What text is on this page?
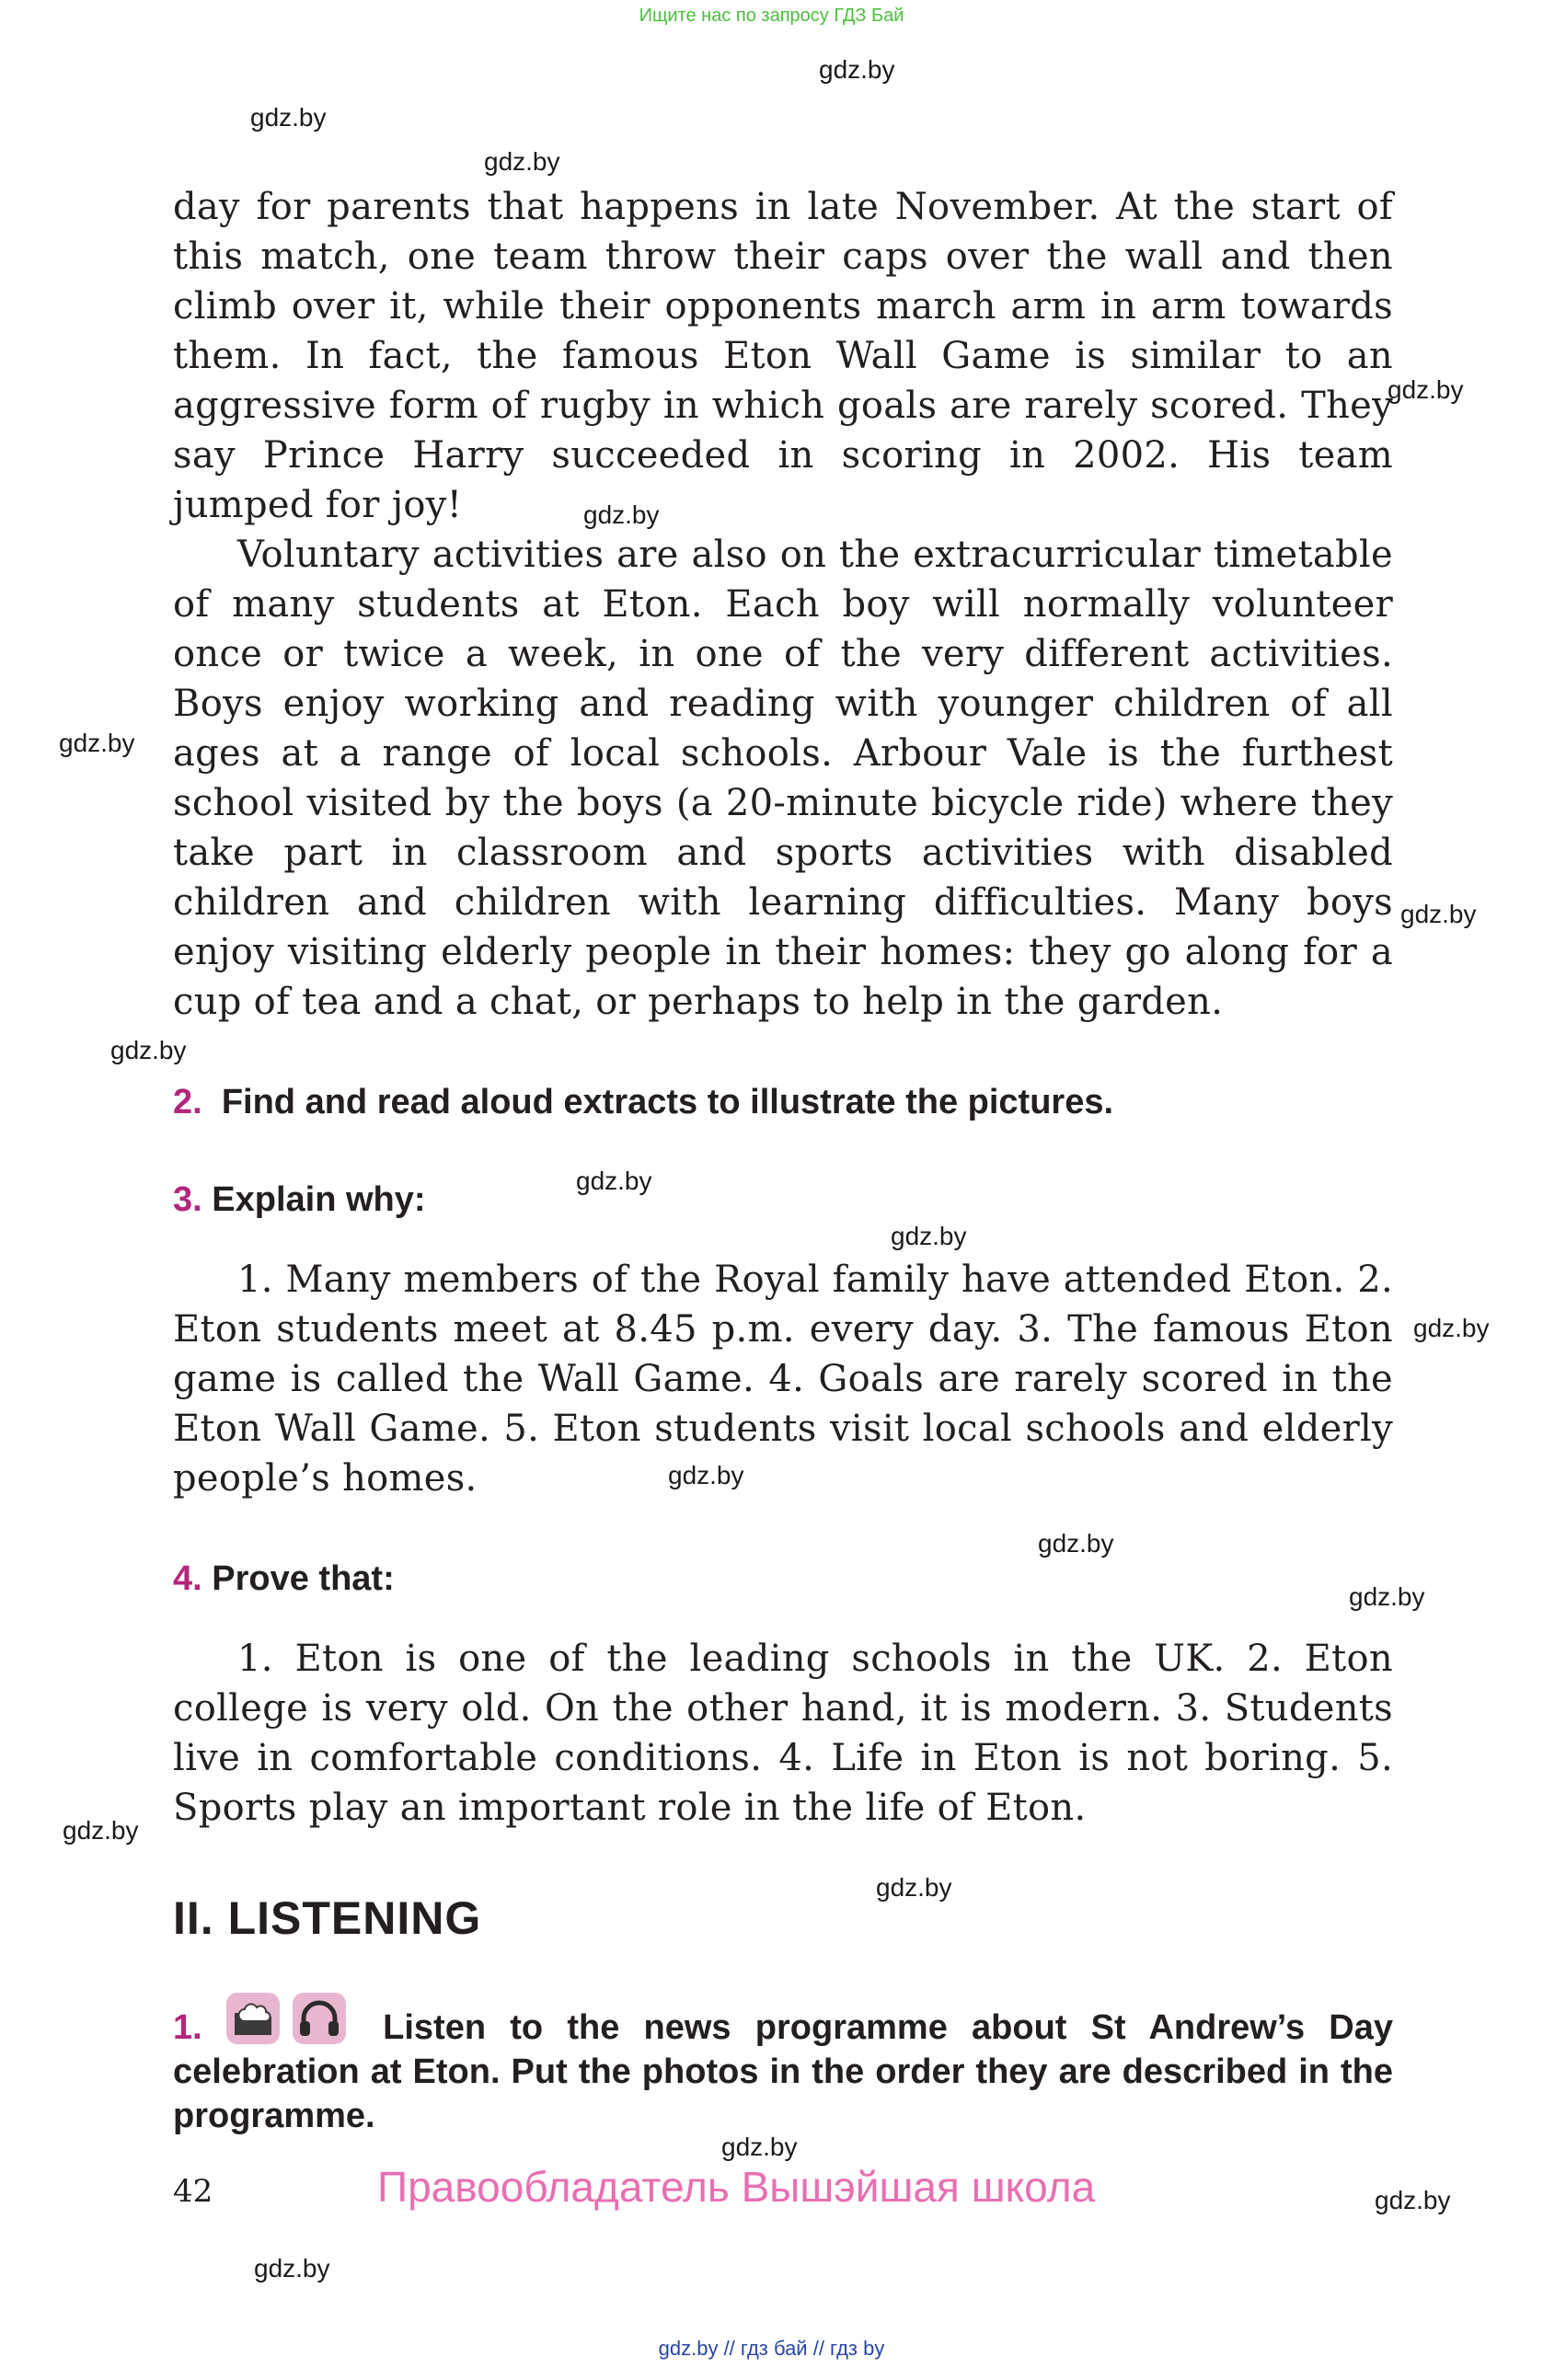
Ищите нас по запросу ГДЗ Бай
gdz.by
gdz.by
gdz.by
gdz.by
gdz.by
gdz.by
gdz.by
gdz.by
gdz.by
gdz.by
gdz.by
gdz.by
gdz.by
gdz.by
gdz.by
gdz.by
gdz.by
gdz.by
gdz.by
day for parents that happens in late November. At the start of this match, one team throw their caps over the wall and then climb over it, while their opponents march arm in arm towards them. In fact, the famous Eton Wall Game is similar to an aggressive form of rugby in which goals are rarely scored. They say Prince Harry succeeded in scoring in 2002. His team jumped for joy!
Voluntary activities are also on the extracurricular timetable of many students at Eton. Each boy will normally volunteer once or twice a week, in one of the very different activities. Boys enjoy working and reading with younger children of all ages at a range of local schools. Arbour Vale is the furthest school visited by the boys (a 20-minute bicycle ride) where they take part in classroom and sports activities with disabled children and children with learning difficulties. Many boys enjoy visiting elderly people in their homes: they go along for a cup of tea and a chat, or perhaps to help in the garden.
2. Find and read aloud extracts to illustrate the pictures.
3. Explain why:
1. Many members of the Royal family have attended Eton. 2. Eton students meet at 8.45 p.m. every day. 3. The famous Eton game is called the Wall Game. 4. Goals are rarely scored in the Eton Wall Game. 5. Eton students visit local schools and elderly people’s homes.
4. Prove that:
1. Eton is one of the leading schools in the UK. 2. Eton college is very old. On the other hand, it is modern. 3. Students live in comfortable conditions. 4. Life in Eton is not boring. 5. Sports play an important role in the life of Eton.
II. LISTENING
1.	Listen to the news programme about St Andrew’s Day celebration at Eton. Put the photos in the order they are described in the programme.
42	Правообладатель Вышэйшая школа
gdz.by // гдз бай // гдз by
